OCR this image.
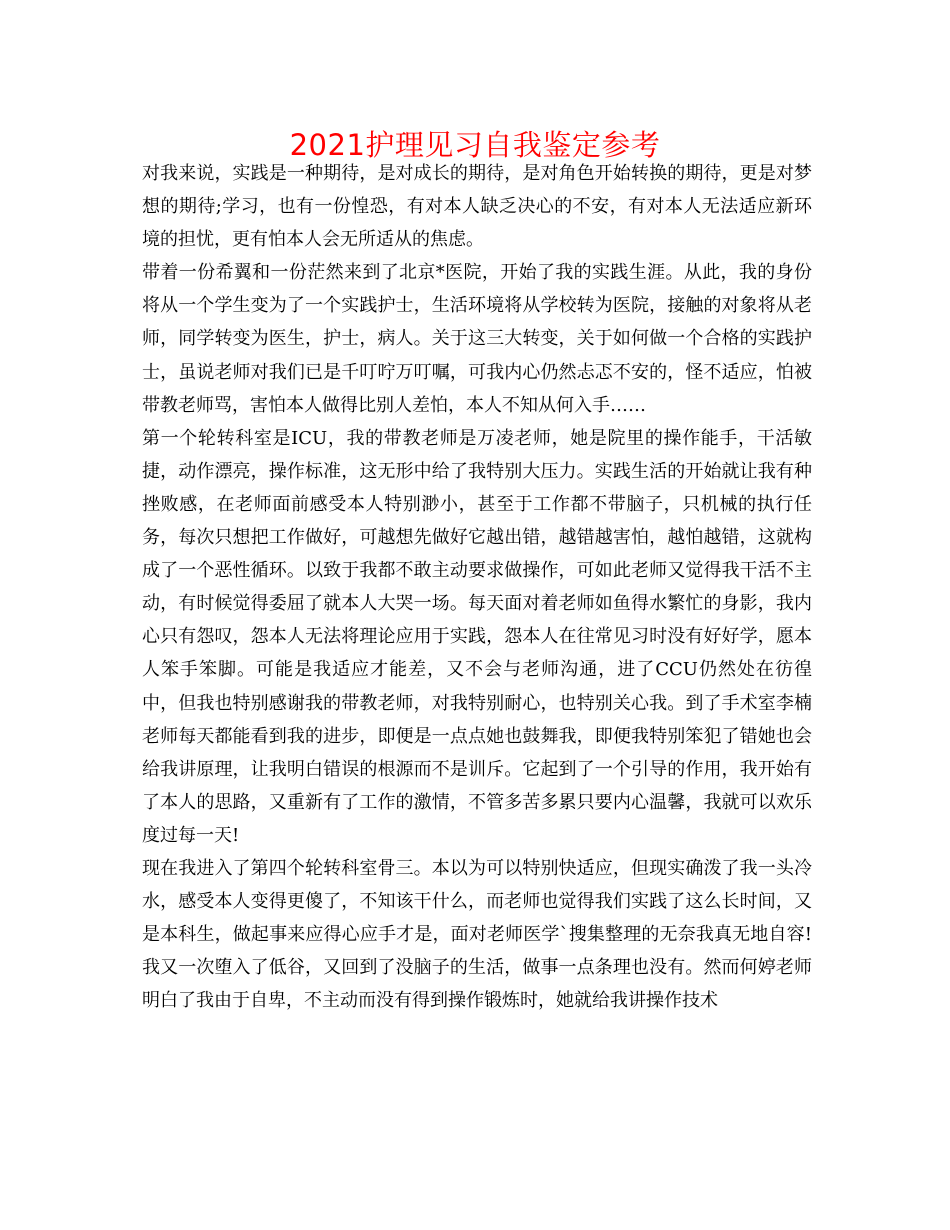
2021护理见习自我鉴定参考

对我来说，实践是一种期待，是对成长的期待，是对角色开始转换的期待，更是对梦想的期待;学习，也有一份惶恐，有对本人缺乏决心的不安，有对本人无法适应新环境的担忧，更有怕本人会无所适从的焦虑。

带着一份希翼和一份茫然来到了北京*医院，开始了我的实践生涯。从此，我的身份将从一个学生变为了一个实践护士，生活环境将从学校转为医院，接触的对象将从老师，同学转变为医生，护士，病人。关于这三大转变，关于如何做一个合格的实践护士，虽说老师对我们已是千叮咛万叮嘱，可我内心仍然忐忑不安的，怪不适应，怕被带教老师骂，害怕本人做得比别人差怕，本人不知从何入手……

第一个轮转科室是ICU，我的带教老师是万凌老师，她是院里的操作能手，干活敏捷，动作漂亮，操作标准，这无形中给了我特别大压力。实践生活的开始就让我有种挫败感，在老师面前感受本人特别渺小，甚至于工作都不带脑子，只机械的执行任务，每次只想把工作做好，可越想先做好它越出错，越错越害怕，越怕越错，这就构成了一个恶性循环。以致于我都不敢主动要求做操作，可如此老师又觉得我干活不主动，有时候觉得委屈了就本人大哭一场。每天面对着老师如鱼得水繁忙的身影，我内心只有怨叹，怨本人无法将理论应用于实践，怨本人在往常见习时没有好好学，愿本人笨手笨脚。可能是我适应才能差，又不会与老师沟通，进了CCU仍然处在彷徨中，但我也特别感谢我的带教老师，对我特别耐心，也特别关心我。到了手术室李楠老师每天都能看到我的进步，即便是一点点她也鼓舞我，即便我特别笨犯了错她也会给我讲原理，让我明白错误的根源而不是训斥。它起到了一个引导的作用，我开始有了本人的思路，又重新有了工作的激情，不管多苦多累只要内心温馨，我就可以欢乐度过每一天!

现在我进入了第四个轮转科室骨三。本以为可以特别快适应，但现实确泼了我一头冷水，感受本人变得更傻了，不知该干什么，而老师也觉得我们实践了这么长时间，又是本科生，做起事来应得心应手才是，面对老师医学`搜集整理的无奈我真无地自容!我又一次堕入了低谷，又回到了没脑子的生活，做事一点条理也没有。然而何婷老师明白了我由于自卑，不主动而没有得到操作锻炼时，她就给我讲操作技术
